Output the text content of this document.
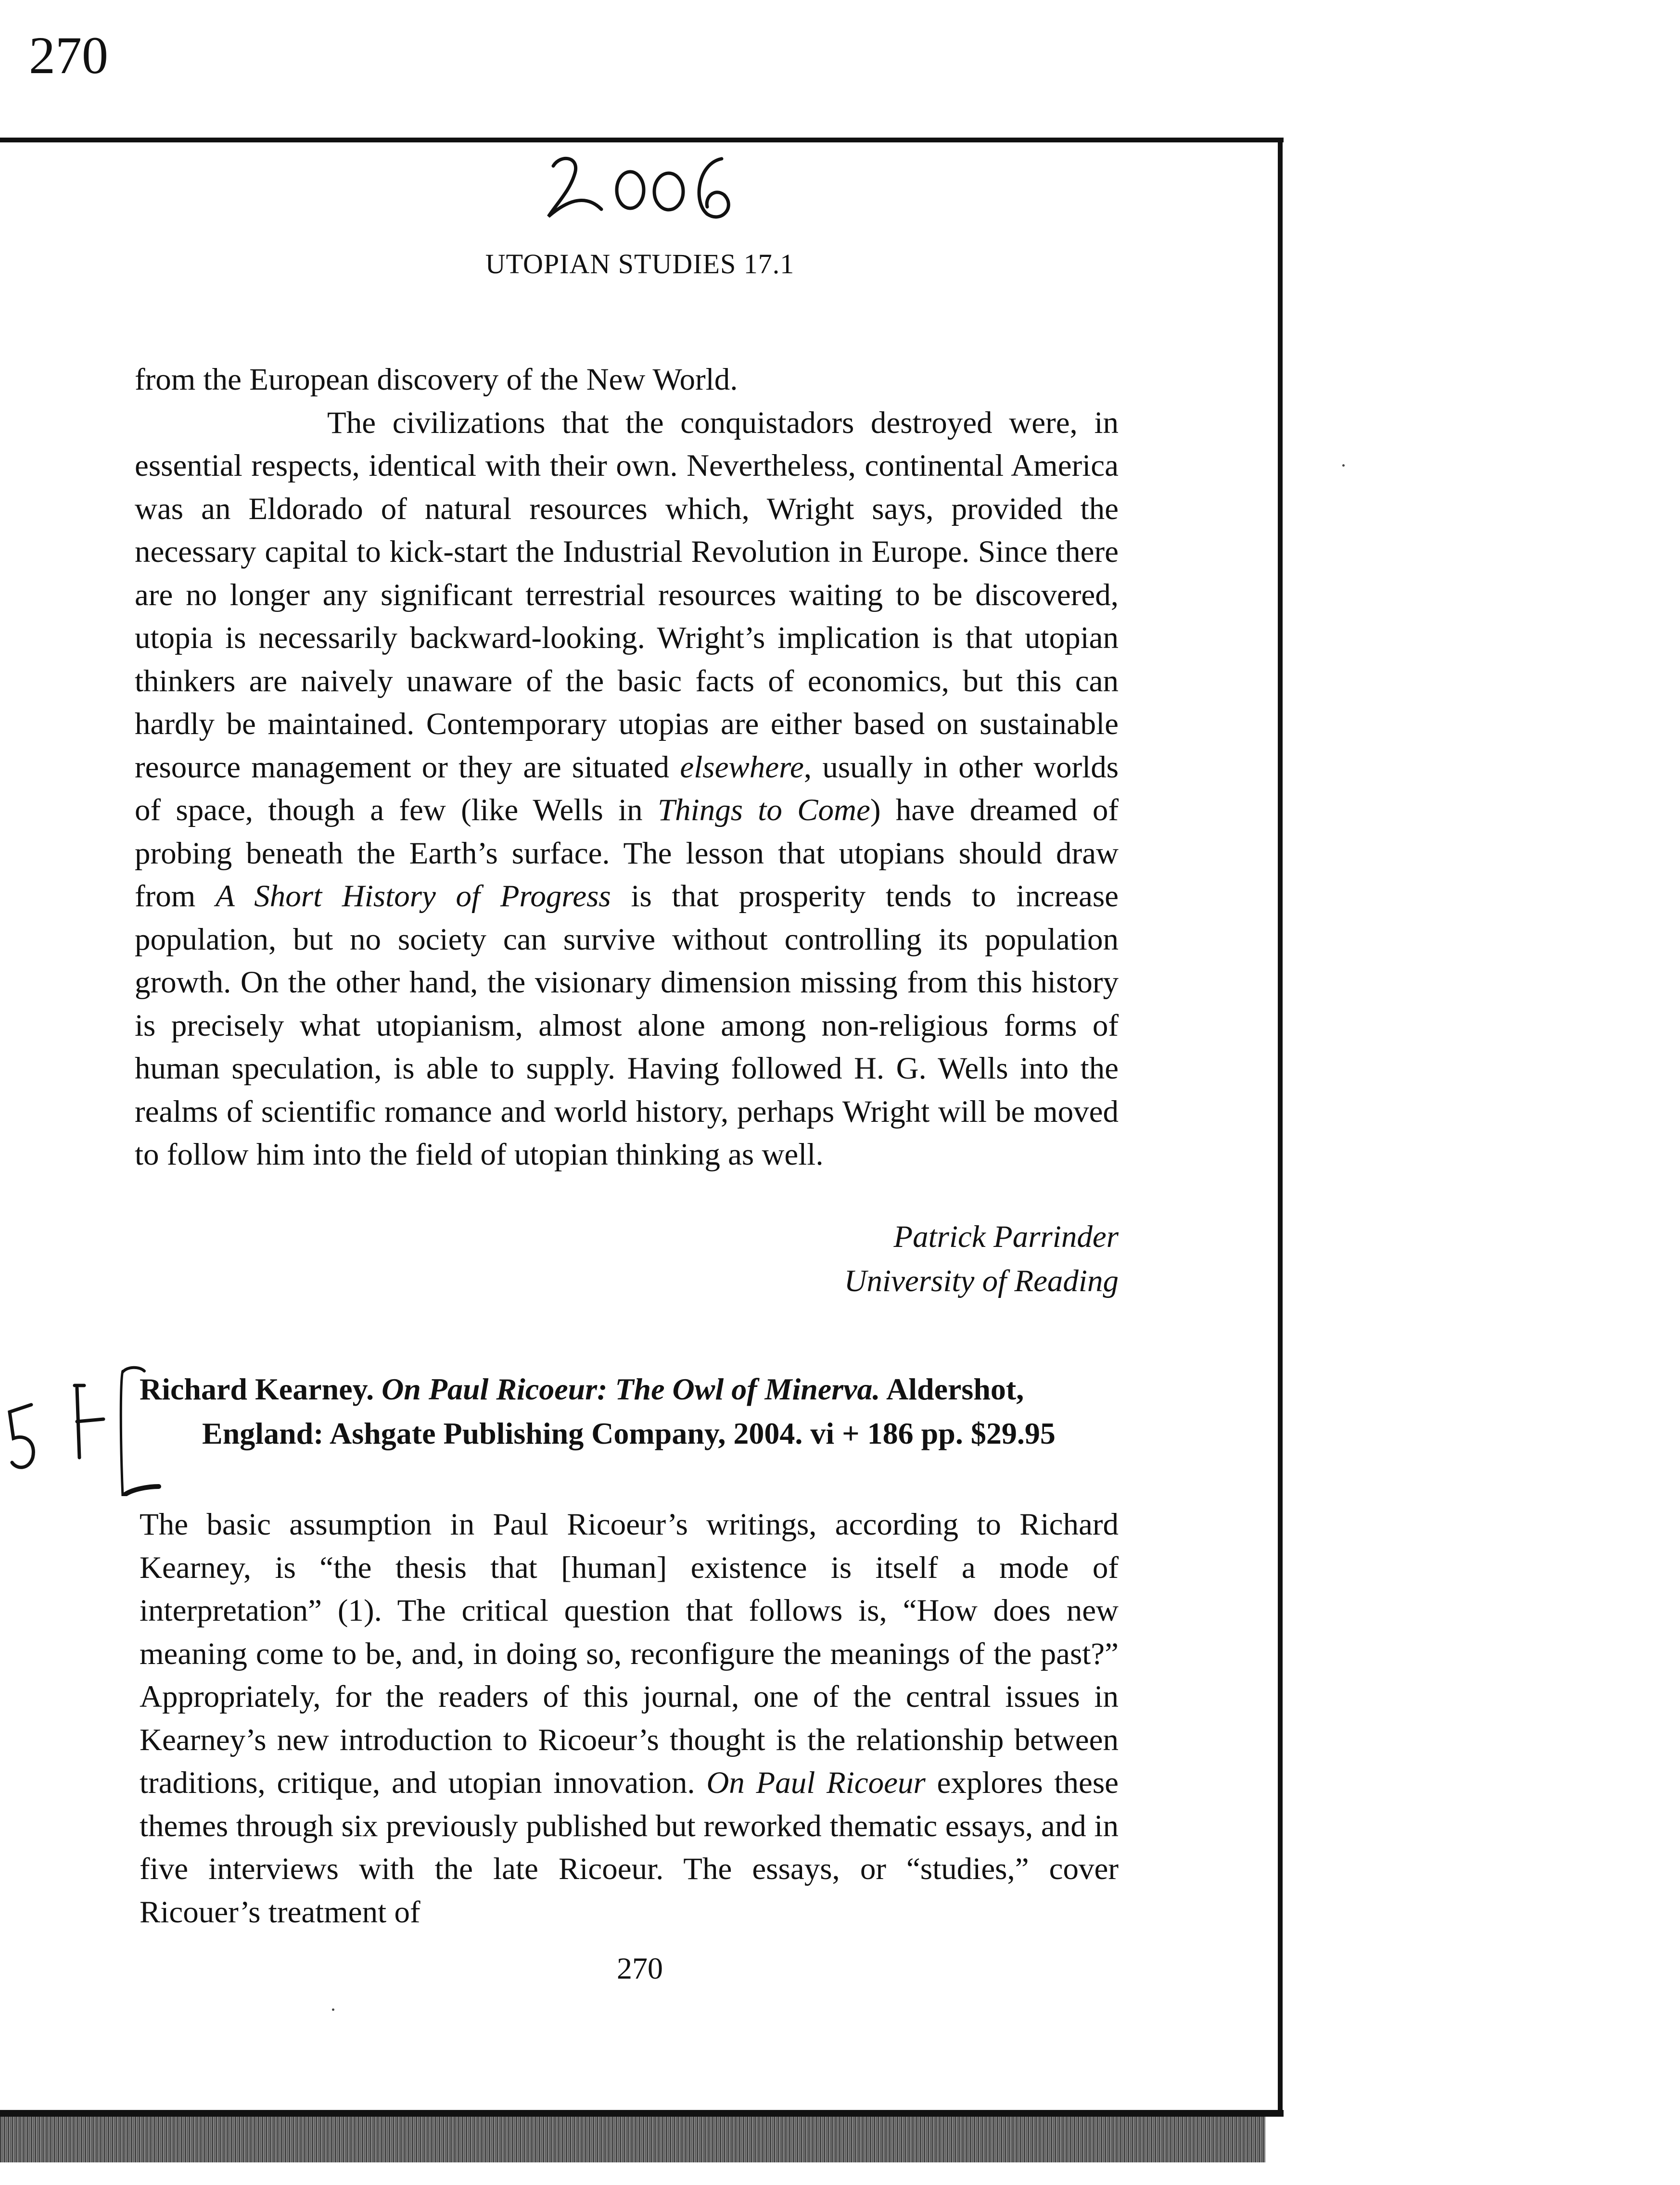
270
UTOPIAN STUDIES 17.1

from the European discovery of the New World.

The civilizations that the conquistadors destroyed were, in essential respects, identical with their own. Nevertheless, continental America was an Eldorado of natural resources which, Wright says, provided the necessary capital to kick-start the Industrial Revolution in Europe. Since there are no longer any significant terrestrial resources waiting to be discovered, utopia is necessarily backward-looking. Wright’s implication is that utopian thinkers are naively unaware of the basic facts of economics, but this can hardly be maintained. Contemporary utopias are either based on sustainable resource management or they are situated elsewhere, usually in other worlds of space, though a few (like Wells in Things to Come) have dreamed of probing beneath the Earth’s surface. The lesson that utopians should draw from A Short History of Progress is that prosperity tends to increase population, but no society can survive without controlling its population growth. On the other hand, the visionary dimension missing from this history is precisely what utopianism, almost alone among non-religious forms of human speculation, is able to supply. Having followed H. G. Wells into the realms of scientific romance and world history, perhaps Wright will be moved to follow him into the field of utopian thinking as well.

Patrick Parrinder
University of Reading
Richard Kearney. On Paul Ricoeur: The Owl of Minerva. Aldershot,
England: Ashgate Publishing Company, 2004. vi + 186 pp. $29.95

The basic assumption in Paul Ricoeur’s writings, according to Richard Kearney, is “the thesis that [human] existence is itself a mode of interpretation” (1). The critical question that follows is, “How does new meaning come to be, and, in doing so, reconfigure the meanings of the past?” Appropriately, for the readers of this journal, one of the central issues in Kearney’s new introduction to Ricoeur’s thought is the relationship between traditions, critique, and utopian innovation. On Paul Ricoeur explores these themes through six previously published but reworked thematic essays, and in five interviews with the late Ricoeur. The essays, or “studies,” cover Ricouer’s treatment of

270
